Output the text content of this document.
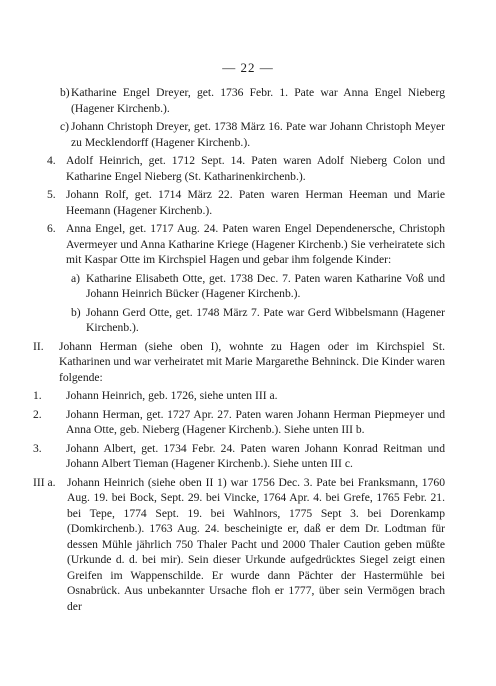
— 22 —
b) Katharine Engel Dreyer, get. 1736 Febr. 1. Pate war Anna Engel Nieberg (Hagener Kirchenb.).
c) Johann Christoph Dreyer, get. 1738 März 16. Pate war Johann Christoph Meyer zu Mecklendorff (Hagener Kirchenb.).
4. Adolf Heinrich, get. 1712 Sept. 14. Paten waren Adolf Nieberg Colon und Katharine Engel Nieberg (St. Katharinenkirchenb.).
5. Johann Rolf, get. 1714 März 22. Paten waren Herman Heeman und Marie Heemann (Hagener Kirchenb.).
6. Anna Engel, get. 1717 Aug. 24. Paten waren Engel Dependenersche, Christoph Avermeyer und Anna Katharine Kriege (Hagener Kirchenb.) Sie verheiratete sich mit Kaspar Otte im Kirchspiel Hagen und gebar ihm folgende Kinder:
a) Katharine Elisabeth Otte, get. 1738 Dec. 7. Paten waren Katharine Voß und Johann Heinrich Bücker (Hagener Kirchenb.).
b) Johann Gerd Otte, get. 1748 März 7. Pate war Gerd Wibbelsmann (Hagener Kirchenb.).
II. Johann Herman (siehe oben I), wohnte zu Hagen oder im Kirchspiel St. Katharinen und war verheiratet mit Marie Margarethe Behninck. Die Kinder waren folgende:
1. Johann Heinrich, geb. 1726, siehe unten III a.
2. Johann Herman, get. 1727 Apr. 27. Paten waren Johann Herman Piepmeyer und Anna Otte, geb. Nieberg (Hagener Kirchenb.). Siehe unten III b.
3. Johann Albert, get. 1734 Febr. 24. Paten waren Johann Konrad Reitman und Johann Albert Tieman (Hagener Kirchenb.). Siehe unten III c.
III a. Johann Heinrich (siehe oben II 1) war 1756 Dec. 3. Pate bei Franksmann, 1760 Aug. 19. bei Bock, Sept. 29. bei Vincke, 1764 Apr. 4. bei Grefe, 1765 Febr. 21. bei Tepe, 1774 Sept. 19. bei Wahlnors, 1775 Sept 3. bei Dorenkamp (Domkirchenb.). 1763 Aug. 24. bescheinigte er, daß er dem Dr. Lodtman für dessen Mühle jährlich 750 Thaler Pacht und 2000 Thaler Caution geben müßte (Urkunde d. d. bei mir). Sein dieser Urkunde aufgedrücktes Siegel zeigt einen Greifen im Wappenschilde. Er wurde dann Pächter der Hastermühle bei Osnabrück. Aus unbekannter Ursache floh er 1777, über sein Vermögen brach der
